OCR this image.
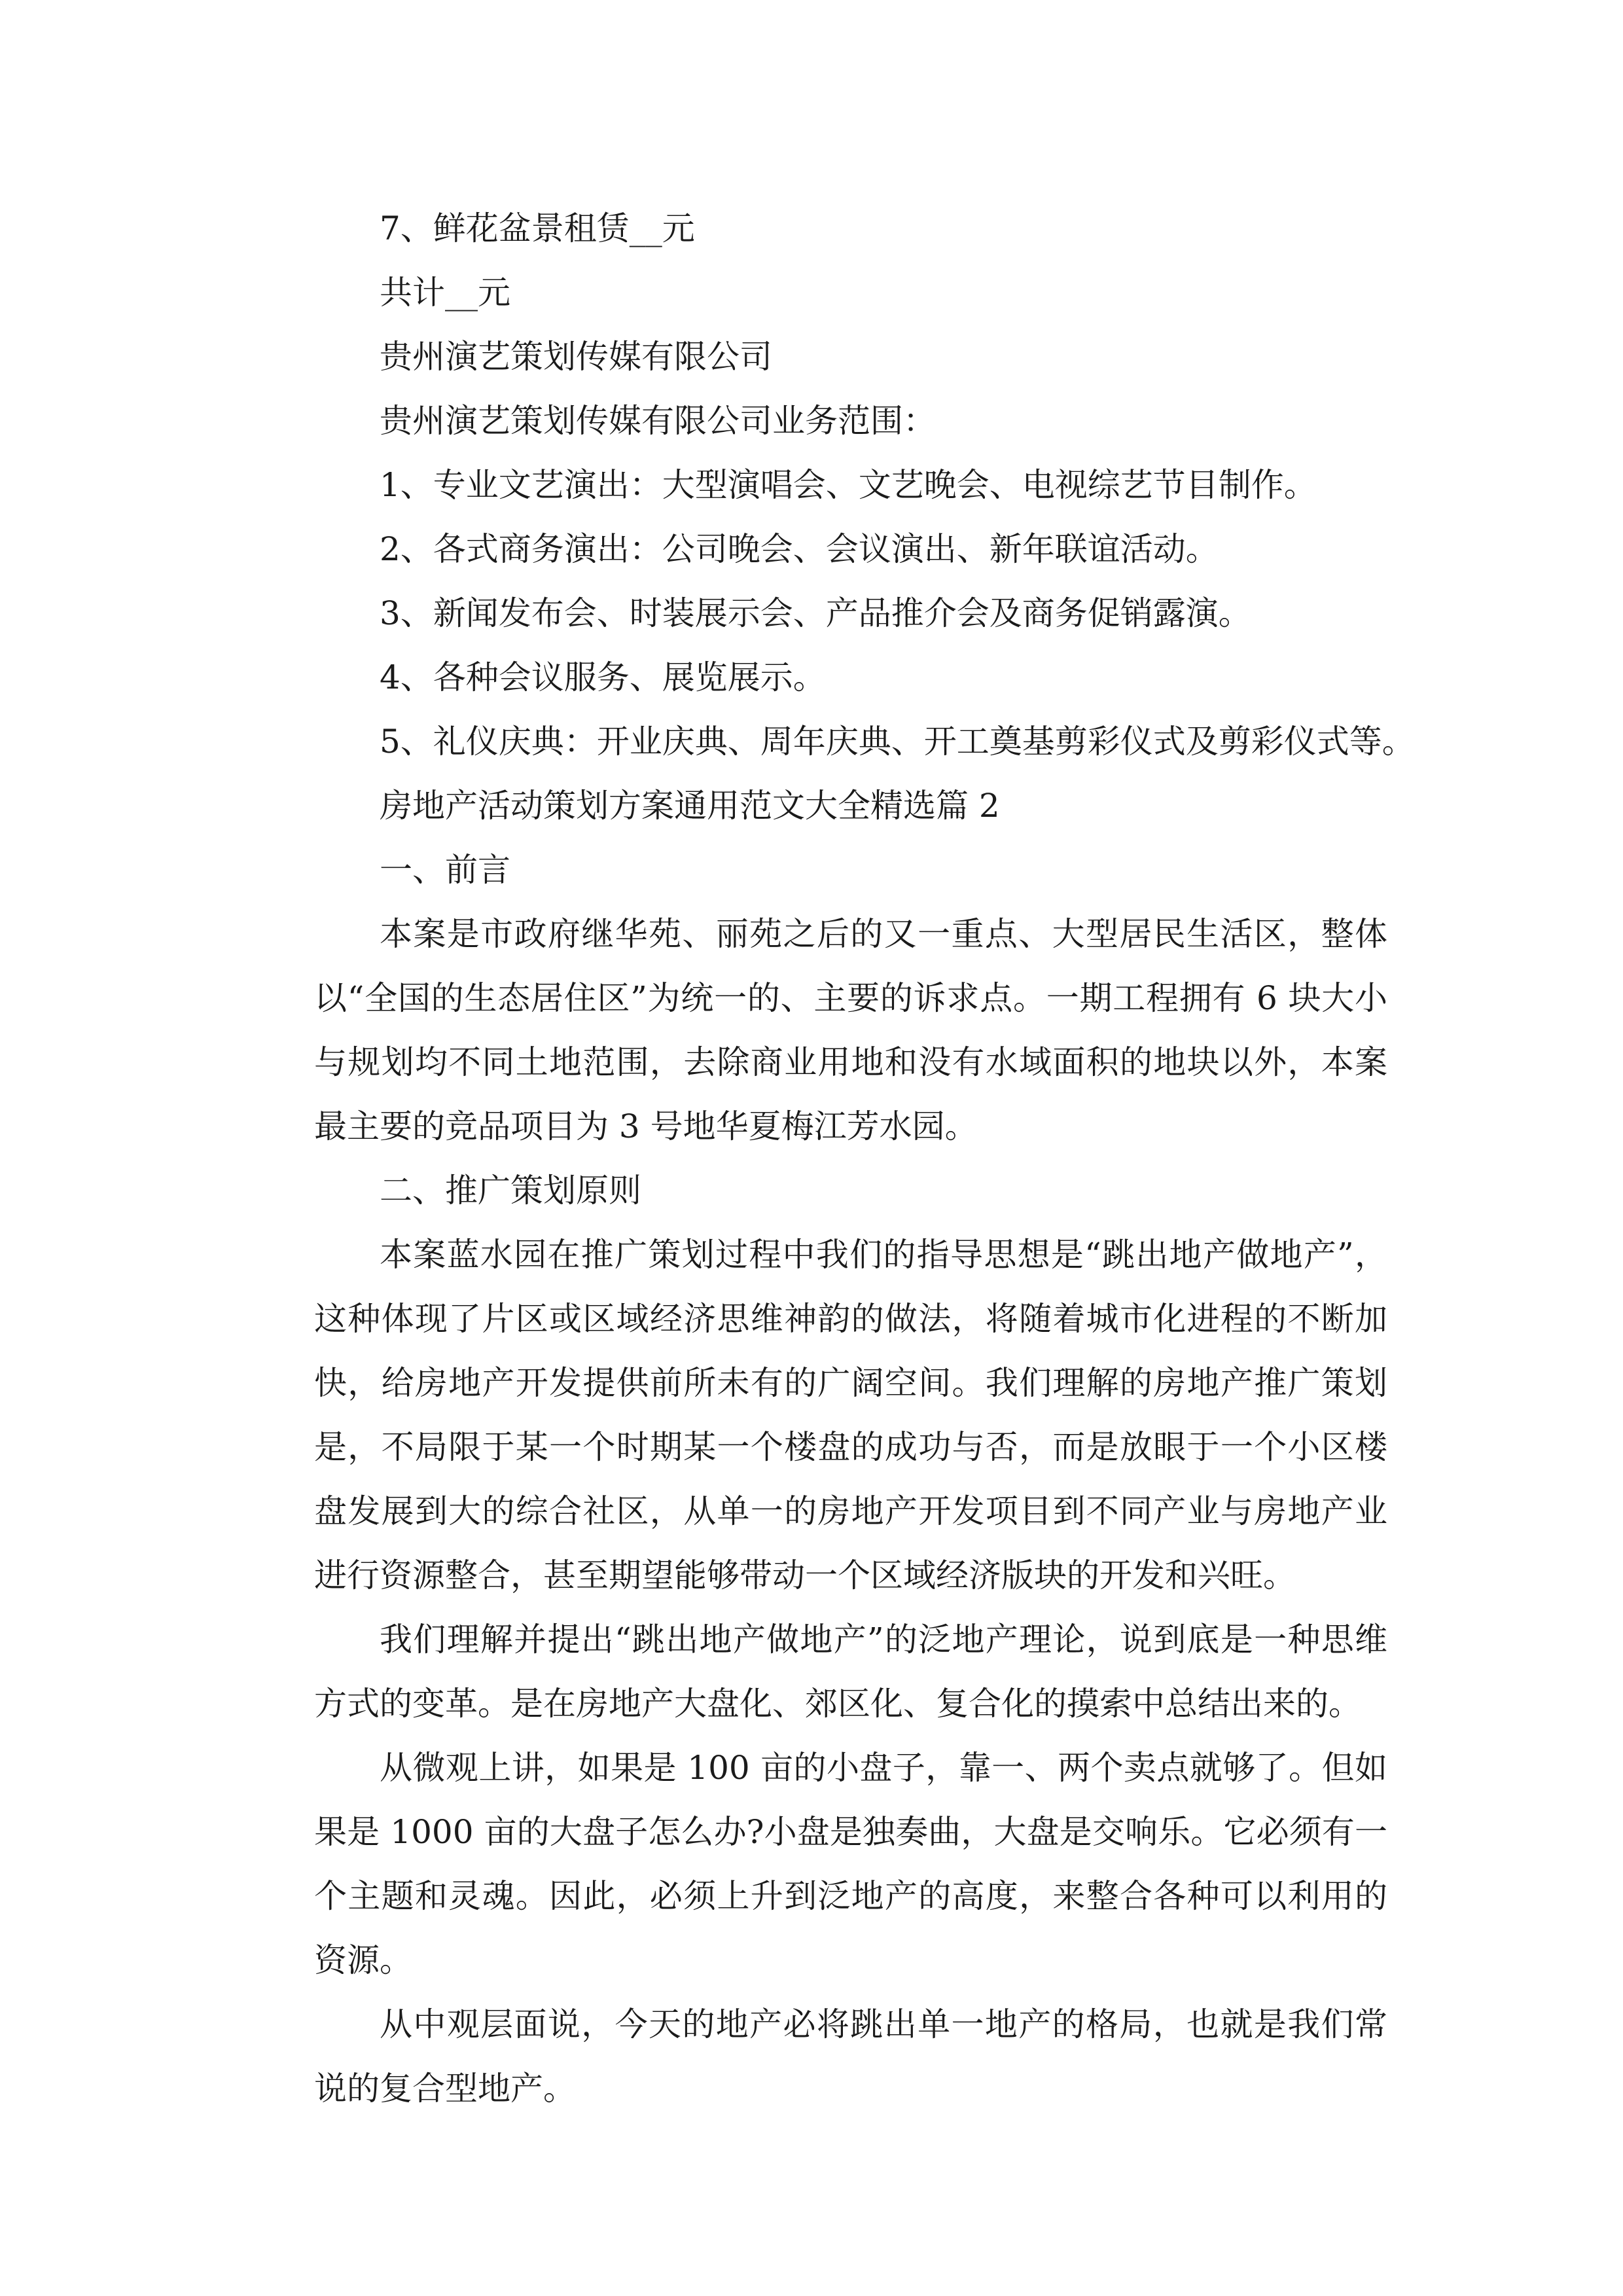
7、鲜花盆景租赁__元
共计__元
贵州演艺策划传媒有限公司
贵州演艺策划传媒有限公司业务范围：
1、专业文艺演出：大型演唱会、文艺晚会、电视综艺节目制作。
2、各式商务演出：公司晚会、会议演出、新年联谊活动。
3、新闻发布会、时装展示会、产品推介会及商务促销露演。
4、各种会议服务、展览展示。
5、礼仪庆典：开业庆典、周年庆典、开工奠基剪彩仪式及剪彩仪式等。
房地产活动策划方案通用范文大全精选篇 2
一、前言

本案是市政府继华苑、丽苑之后的又一重点、大型居民生活区，整体以“全国的生态居住区”为统一的、主要的诉求点。一期工程拥有 6 块大小与规划均不同土地范围，去除商业用地和没有水域面积的地块以外，本案最主要的竞品项目为 3 号地华夏梅江芳水园。

二、推广策划原则

本案蓝水园在推广策划过程中我们的指导思想是“跳出地产做地产”，这种体现了片区或区域经济思维神韵的做法，将随着城市化进程的不断加快，给房地产开发提供前所未有的广阔空间。我们理解的房地产推广策划是，不局限于某一个时期某一个楼盘的成功与否，而是放眼于一个小区楼盘发展到大的综合社区，从单一的房地产开发项目到不同产业与房地产业进行资源整合，甚至期望能够带动一个区域经济版块的开发和兴旺。

我们理解并提出“跳出地产做地产”的泛地产理论，说到底是一种思维方式的变革。是在房地产大盘化、郊区化、复合化的摸索中总结出来的。

从微观上讲，如果是 100 亩的小盘子，靠一、两个卖点就够了。但如果是 1000 亩的大盘子怎么办?小盘是独奏曲，大盘是交响乐。它必须有一个主题和灵魂。因此，必须上升到泛地产的高度，来整合各种可以利用的资源。

从中观层面说，今天的地产必将跳出单一地产的格局，也就是我们常说的复合型地产。
